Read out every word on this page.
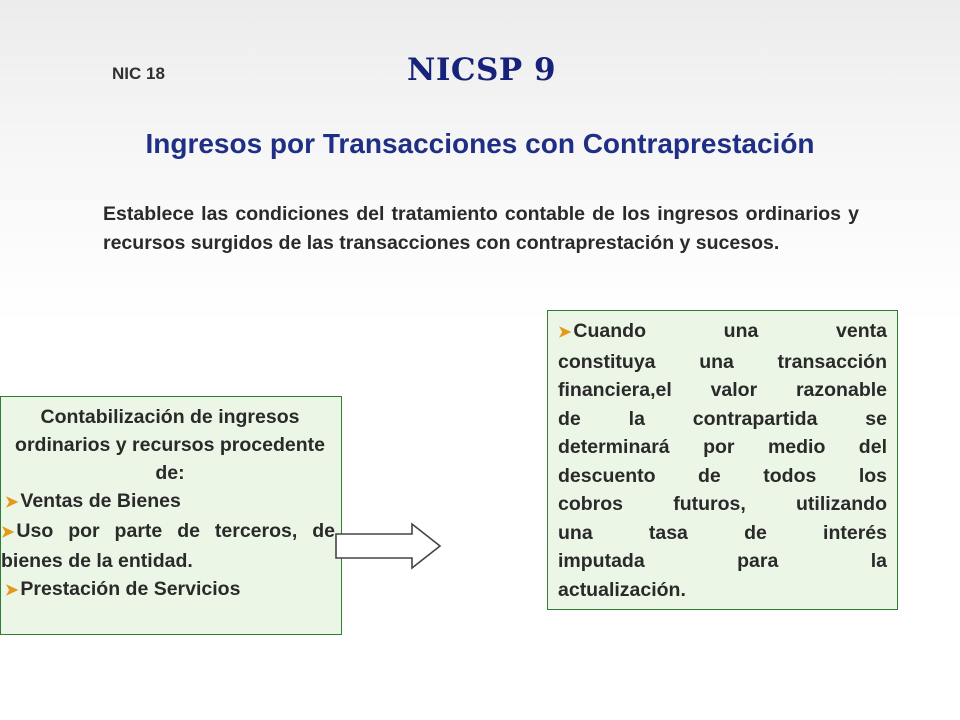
NIC 18	NICSP 9
Ingresos por Transacciones con Contraprestación
Establece las condiciones del tratamiento contable de los ingresos ordinarios y recursos surgidos de las transacciones con contraprestación y sucesos.
Contabilización de ingresos ordinarios y recursos procedente de:
➤ Ventas de Bienes
➤ Uso por parte de terceros, de bienes de la entidad.
➤ Prestación de Servicios
➤ Cuando una venta
constituya una transacción
financiera,el valor razonable
de la contrapartida se
determinará por medio del
descuento de todos los
cobros futuros, utilizando
una tasa de interés
imputada para la
actualización.
